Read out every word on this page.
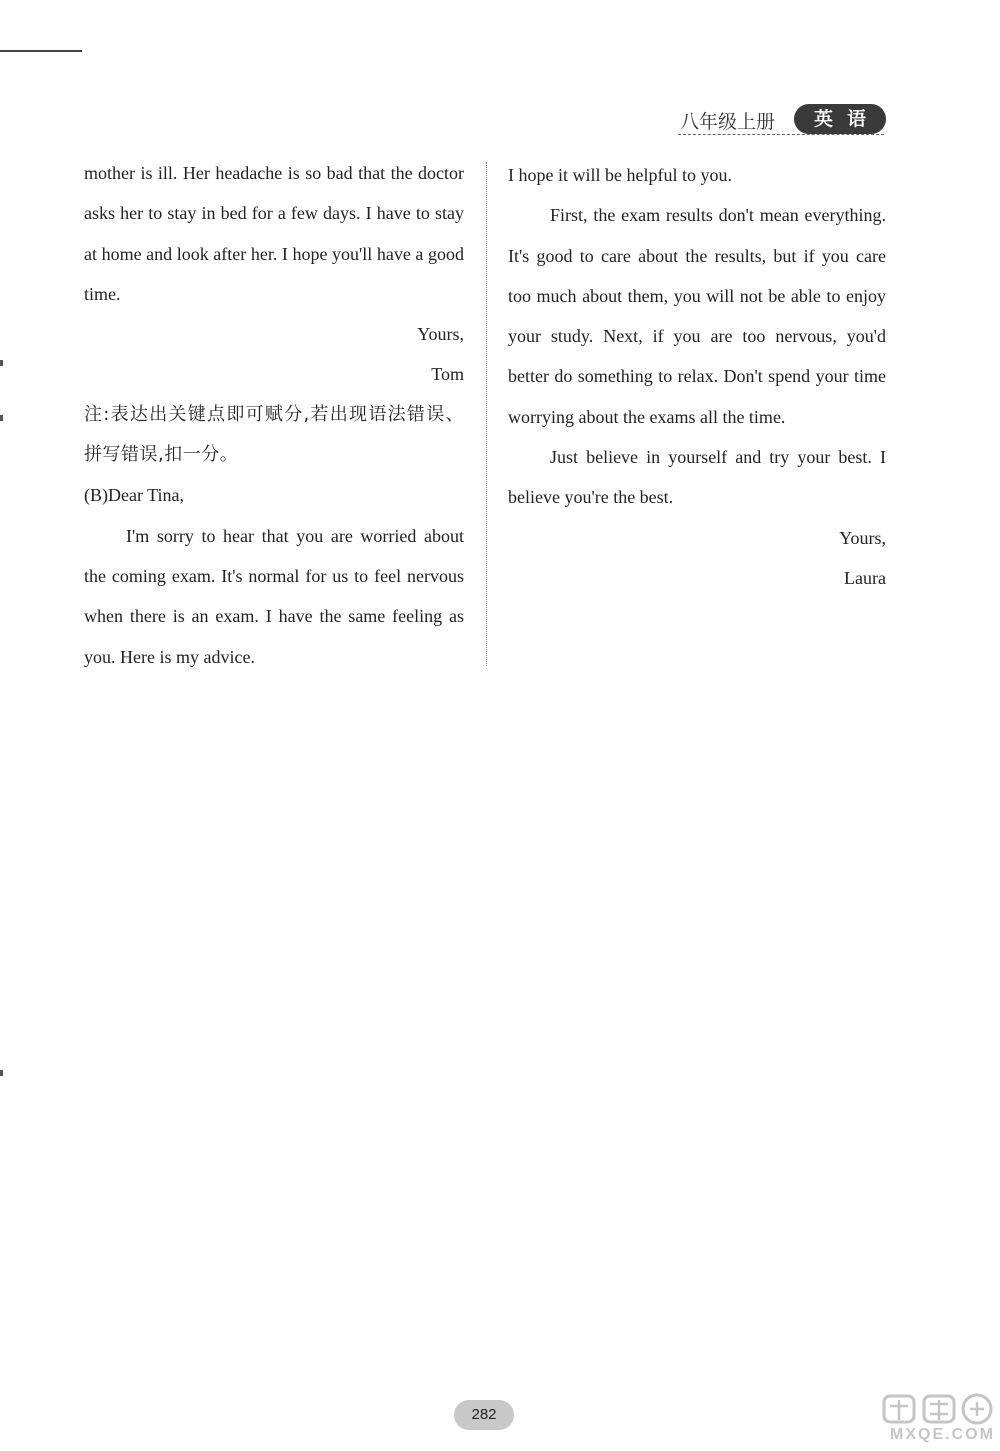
八年级上册	英语

mother is ill. Her headache is so bad that the doctor asks her to stay in bed for a few days. I have to stay at home and look after her. I hope you'll have a good time.

Yours,

Tom

注:表达出关键点即可赋分,若出现语法错误、拼写错误,扣一分。

(B)Dear Tina,

I'm sorry to hear that you are worried about the coming exam. It's normal for us to feel nervous when there is an exam. I have the same feeling as you. Here is my advice.

I hope it will be helpful to you.

First, the exam results don't mean everything. It's good to care about the results, but if you care too much about them, you will not be able to enjoy your study. Next, if you are too nervous, you'd better do something to relax. Don't spend your time worrying about the exams all the time.

Just believe in yourself and try your best. I believe you're the best.

Yours,

Laura

282
MXQE.COM
